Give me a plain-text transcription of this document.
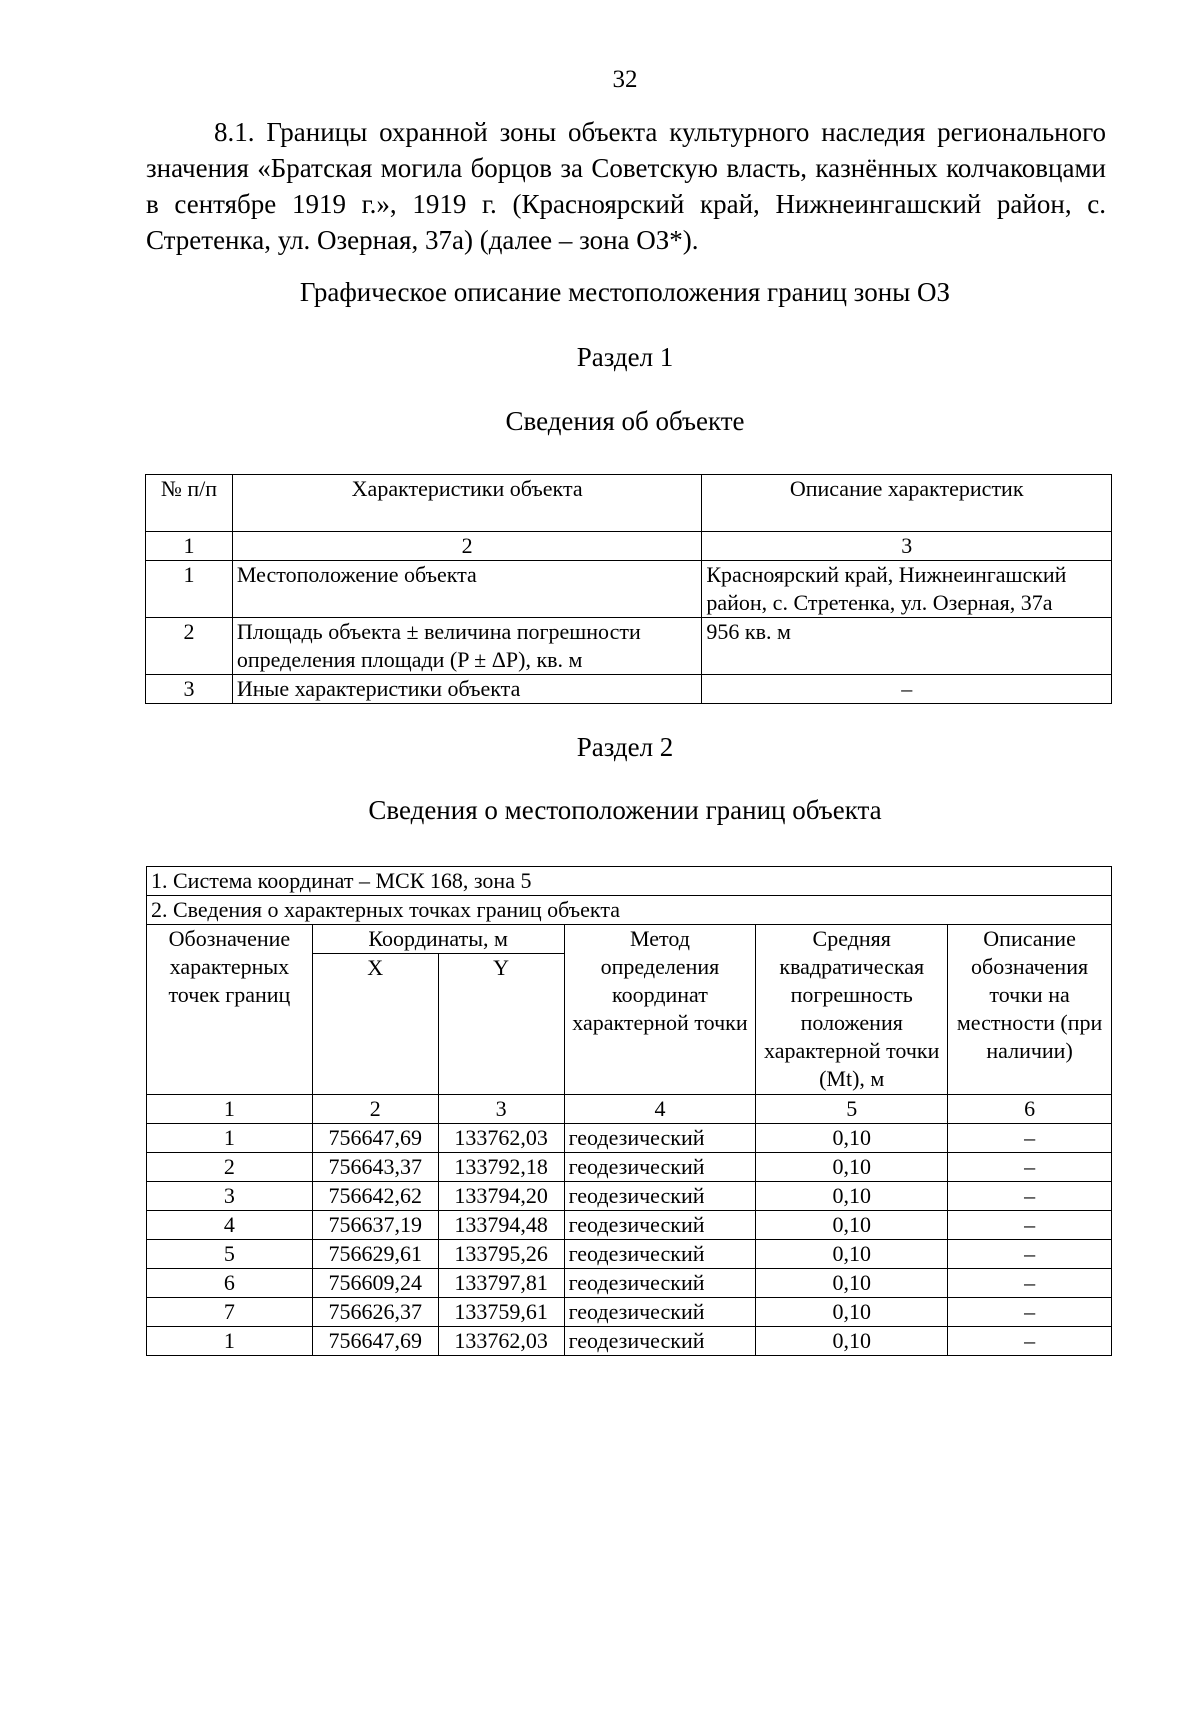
32

8.1. Границы охранной зоны объекта культурного наследия регионального значения «Братская могила борцов за Советскую власть, казнённых колчаковцами в сентябре 1919 г.», 1919 г. (Красноярский край, Нижнеингашский район, с. Стретенка, ул. Озерная, 37а) (далее – зона ОЗ*).

Графическое описание местоположения границ зоны ОЗ
Раздел 1
Сведения об объекте
№ п/п	Характеристики объекта	Описание характеристик
1	2	3
1	Местоположение объекта	Красноярский край, Нижнеингашский район, с. Стретенка, ул. Озерная, 37а
2	Площадь объекта ± величина погрешности определения площади (P ± ΔP), кв. м	956 кв. м
3	Иные характеристики объекта	–
Раздел 2
Сведения о местоположении границ объекта
1. Система координат – МСК 168, зона 5					
2. Сведения о характерных точках границ объекта					
Обозначение характерных точек границ	Координаты, м		Метод определения координат характерной точки	Средняя квадратическая погрешность положения характерной точки (Mt), м	Описание обозначения точки на местности (при наличии)
	X	Y			
1	2	3	4	5	6
1	756647,69	133762,03	геодезический	0,10	–
2	756643,37	133792,18	геодезический	0,10	–
3	756642,62	133794,20	геодезический	0,10	–
4	756637,19	133794,48	геодезический	0,10	–
5	756629,61	133795,26	геодезический	0,10	–
6	756609,24	133797,81	геодезический	0,10	–
7	756626,37	133759,61	геодезический	0,10	–
1	756647,69	133762,03	геодезический	0,10	–
